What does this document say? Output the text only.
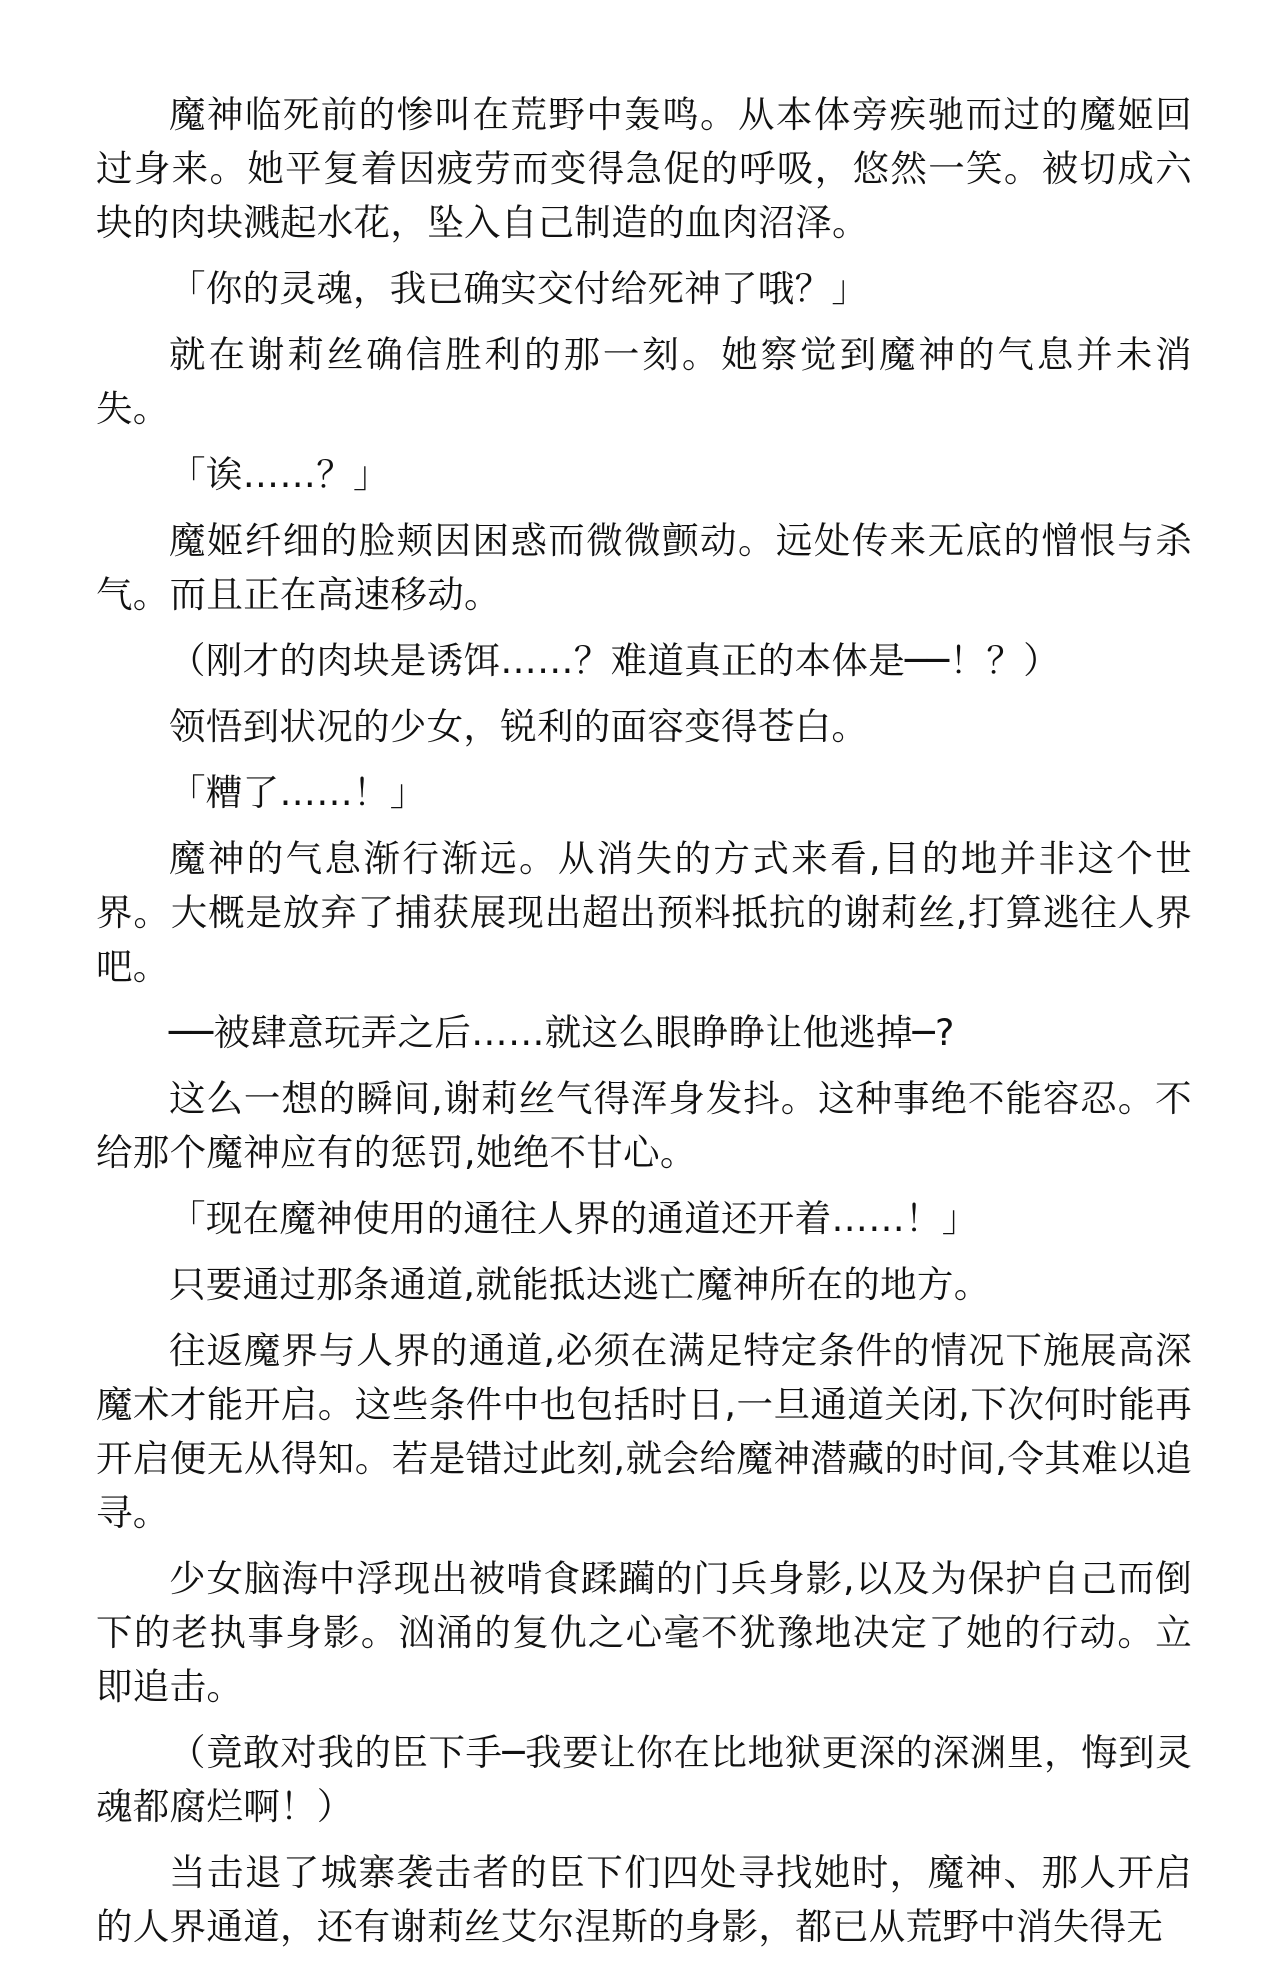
魔神临死前的惨叫在荒野中轰鸣。从本体旁疾驰而过的魔姬回过身来。她平复着因疲劳而变得急促的呼吸，悠然一笑。被切成六块的肉块溅起水花，坠入自己制造的血肉沼泽。

「你的灵魂，我已确实交付给死神了哦？」

就在谢莉丝确信胜利的那一刻。她察觉到魔神的气息并未消失。

「诶……？」

魔姬纤细的脸颊因困惑而微微颤动。远处传来无底的憎恨与杀气。而且正在高速移动。

（刚才的肉块是诱饵……？难道真正的本体是──！？）

领悟到状况的少女，锐利的面容变得苍白。

「糟了……！」

魔神的气息渐行渐远。从消失的方式来看,目的地并非这个世界。大概是放弃了捕获展现出超出预料抵抗的谢莉丝,打算逃往人界吧。

──被肆意玩弄之后……就这么眼睁睁让他逃掉─?

这么一想的瞬间,谢莉丝气得浑身发抖。这种事绝不能容忍。不给那个魔神应有的惩罚,她绝不甘心。

「现在魔神使用的通往人界的通道还开着……！」

只要通过那条通道,就能抵达逃亡魔神所在的地方。

往返魔界与人界的通道,必须在满足特定条件的情况下施展高深魔术才能开启。这些条件中也包括时日,一旦通道关闭,下次何时能再开启便无从得知。若是错过此刻,就会给魔神潜藏的时间,令其难以追寻。

少女脑海中浮现出被啃食蹂躏的门兵身影,以及为保护自己而倒下的老执事身影。汹涌的复仇之心毫不犹豫地决定了她的行动。立即追击。

（竟敢对我的臣下手─我要让你在比地狱更深的深渊里，悔到灵魂都腐烂啊！）

当击退了城寨袭击者的臣下们四处寻找她时，魔神、那人开启的人界通道，还有谢莉丝艾尔涅斯的身影，都已从荒野中消失得无
